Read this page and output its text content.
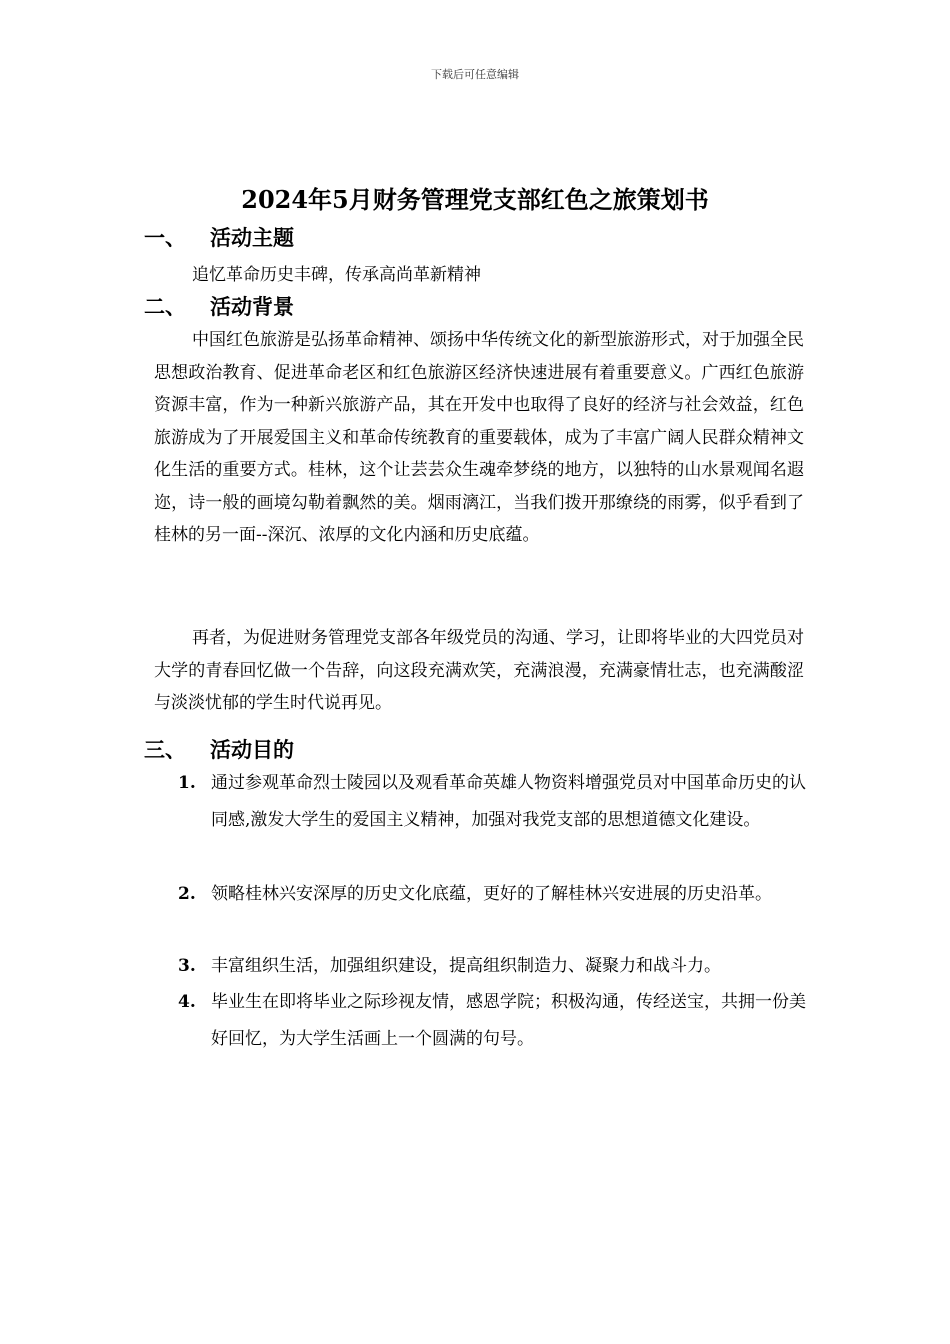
下载后可任意编辑
2024年5月财务管理党支部红色之旅策划书
一、 活动主题
追忆革命历史丰碑，传承高尚革新精神
二、 活动背景
中国红色旅游是弘扬革命精神、颂扬中华传统文化的新型旅游形式，对于加强全民思想政治教育、促进革命老区和红色旅游区经济快速进展有着重要意义。广西红色旅游资源丰富，作为一种新兴旅游产品，其在开发中也取得了良好的经济与社会效益，红色旅游成为了开展爱国主义和革命传统教育的重要载体，成为了丰富广阔人民群众精神文化生活的重要方式。桂林，这个让芸芸众生魂牵梦绕的地方，以独特的山水景观闻名遐迩，诗一般的画境勾勒着飘然的美。烟雨漓江，当我们拨开那缭绕的雨雾，似乎看到了桂林的另一面--深沉、浓厚的文化内涵和历史底蕴。
再者，为促进财务管理党支部各年级党员的沟通、学习，让即将毕业的大四党员对大学的青春回忆做一个告辞，向这段充满欢笑，充满浪漫，充满豪情壮志，也充满酸涩与淡淡忧郁的学生时代说再见。
三、 活动目的
1. 通过参观革命烈士陵园以及观看革命英雄人物资料增强党员对中国革命历史的认同感,激发大学生的爱国主义精神，加强对我党支部的思想道德文化建设。
2. 领略桂林兴安深厚的历史文化底蕴，更好的了解桂林兴安进展的历史沿革。
3. 丰富组织生活，加强组织建设，提高组织制造力、凝聚力和战斗力。
4. 毕业生在即将毕业之际珍视友情，感恩学院；积极沟通，传经送宝，共拥一份美好回忆，为大学生活画上一个圆满的句号。
